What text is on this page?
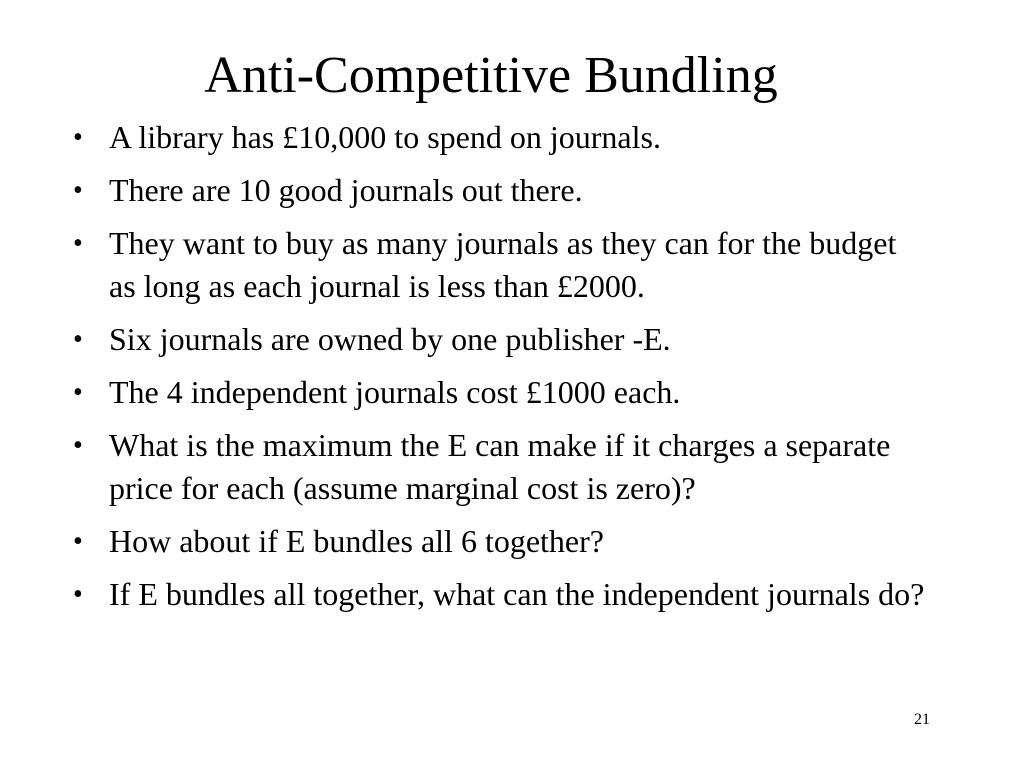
Anti-Competitive Bundling
• A library has £10,000 to spend on journals.
• There are 10 good journals out there.
• They want to buy as many journals as they can for the budget as long as each journal is less than £2000.
• Six journals are owned by one publisher -E.
• The 4 independent journals cost £1000 each.
• What is the maximum the E can make if it charges a separate price for each (assume marginal cost is zero)?
• How about if E bundles all 6 together?
• If E bundles all together, what can the independent journals do?
21
